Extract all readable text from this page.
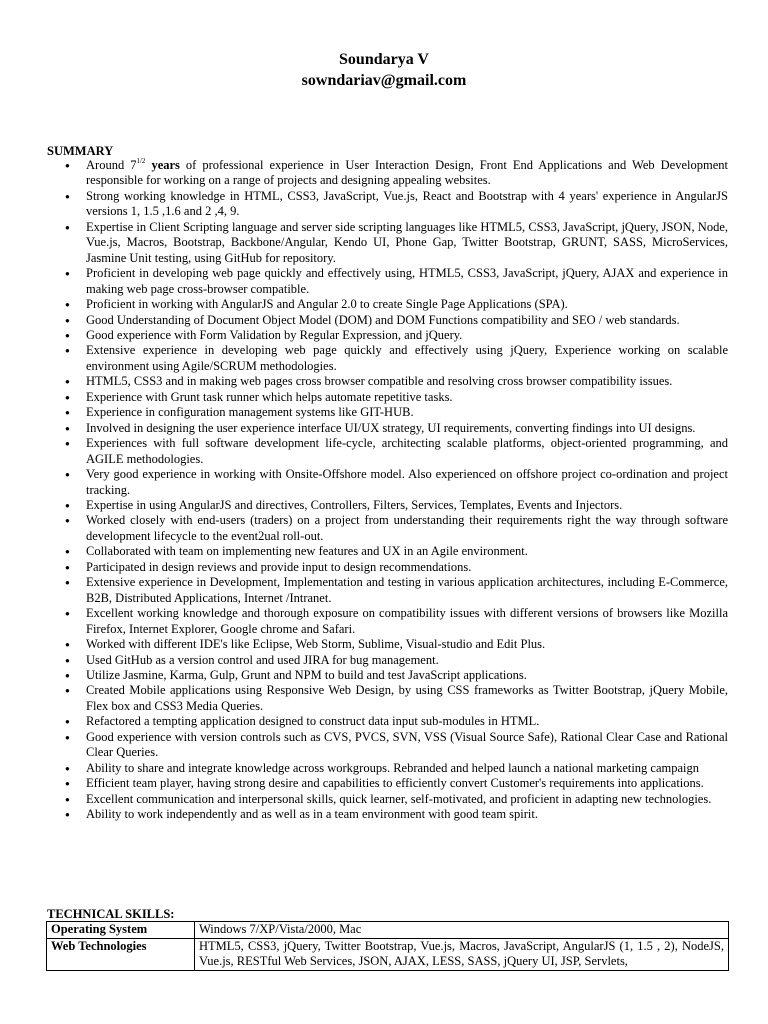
Soundarya V
sowndariav@gmail.com
SUMMARY
● Around $7^{1/2}$ years of professional experience in User Interaction Design, Front End Applications and Web Development responsible for working on a range of projects and designing appealing websites.
● Strong working knowledge in HTML, CSS3, JavaScript, Vue.js, React and Bootstrap with 4 years' experience in AngularJS versions 1, 1.5 ,1.6 and 2 ,4, 9.
● Expertise in Client Scripting language and server side scripting languages like HTML5, CSS3, JavaScript, jQuery, JSON, Node, Vue.js, Macros, Bootstrap, Backbone/Angular, Kendo UI, Phone Gap, Twitter Bootstrap, GRUNT, SASS, MicroServices, Jasmine Unit testing, using GitHub for repository.
● Proficient in developing web page quickly and effectively using, HTML5, CSS3, JavaScript, jQuery, AJAX and experience in making web page cross-browser compatible.
● Proficient in working with AngularJS and Angular 2.0 to create Single Page Applications (SPA).
● Good Understanding of Document Object Model (DOM) and DOM Functions compatibility and SEO / web standards.
● Good experience with Form Validation by Regular Expression, and jQuery.
● Extensive experience in developing web page quickly and effectively using jQuery, Experience working on scalable environment using Agile/SCRUM methodologies.
● HTML5, CSS3 and in making web pages cross browser compatible and resolving cross browser compatibility issues.
● Experience with Grunt task runner which helps automate repetitive tasks.
● Experience in configuration management systems like GIT-HUB.
● Involved in designing the user experience interface UI/UX strategy, UI requirements, converting findings into UI designs.
● Experiences with full software development life-cycle, architecting scalable platforms, object-oriented programming, and AGILE methodologies.
● Very good experience in working with Onsite-Offshore model. Also experienced on offshore project co-ordination and project tracking.
● Expertise in using AngularJS and directives, Controllers, Filters, Services, Templates, Events and Injectors.
● Worked closely with end-users (traders) on a project from understanding their requirements right the way through software development lifecycle to the event2ual roll-out.
● Collaborated with team on implementing new features and UX in an Agile environment.
● Participated in design reviews and provide input to design recommendations.
● Extensive experience in Development, Implementation and testing in various application architectures, including E-Commerce, B2B, Distributed Applications, Internet /Intranet.
● Excellent working knowledge and thorough exposure on compatibility issues with different versions of browsers like Mozilla Firefox, Internet Explorer, Google chrome and Safari.
● Worked with different IDE's like Eclipse, Web Storm, Sublime, Visual-studio and Edit Plus.
● Used GitHub as a version control and used JIRA for bug management.
● Utilize Jasmine, Karma, Gulp, Grunt and NPM to build and test JavaScript applications.
● Created Mobile applications using Responsive Web Design, by using CSS frameworks as Twitter Bootstrap, jQuery Mobile, Flex box and CSS3 Media Queries.
● Refactored a tempting application designed to construct data input sub-modules in HTML.
● Good experience with version controls such as CVS, PVCS, SVN, VSS (Visual Source Safe), Rational Clear Case and Rational Clear Queries.
● Ability to share and integrate knowledge across workgroups. Rebranded and helped launch a national marketing campaign
● Efficient team player, having strong desire and capabilities to efficiently convert Customer's requirements into applications.
● Excellent communication and interpersonal skills, quick learner, self-motivated, and proficient in adapting new technologies.
● Ability to work independently and as well as in a team environment with good team spirit.
TECHNICAL SKILLS:
Operating System	Windows 7/XP/Vista/2000, Mac
Web Technologies	HTML5, CSS3, jQuery, Twitter Bootstrap, Vue.js, Macros, JavaScript, AngularJS (1, 1.5 , 2), NodeJS, Vue.js, RESTful Web Services, JSON, AJAX, LESS, SASS, jQuery UI, JSP, Servlets,
